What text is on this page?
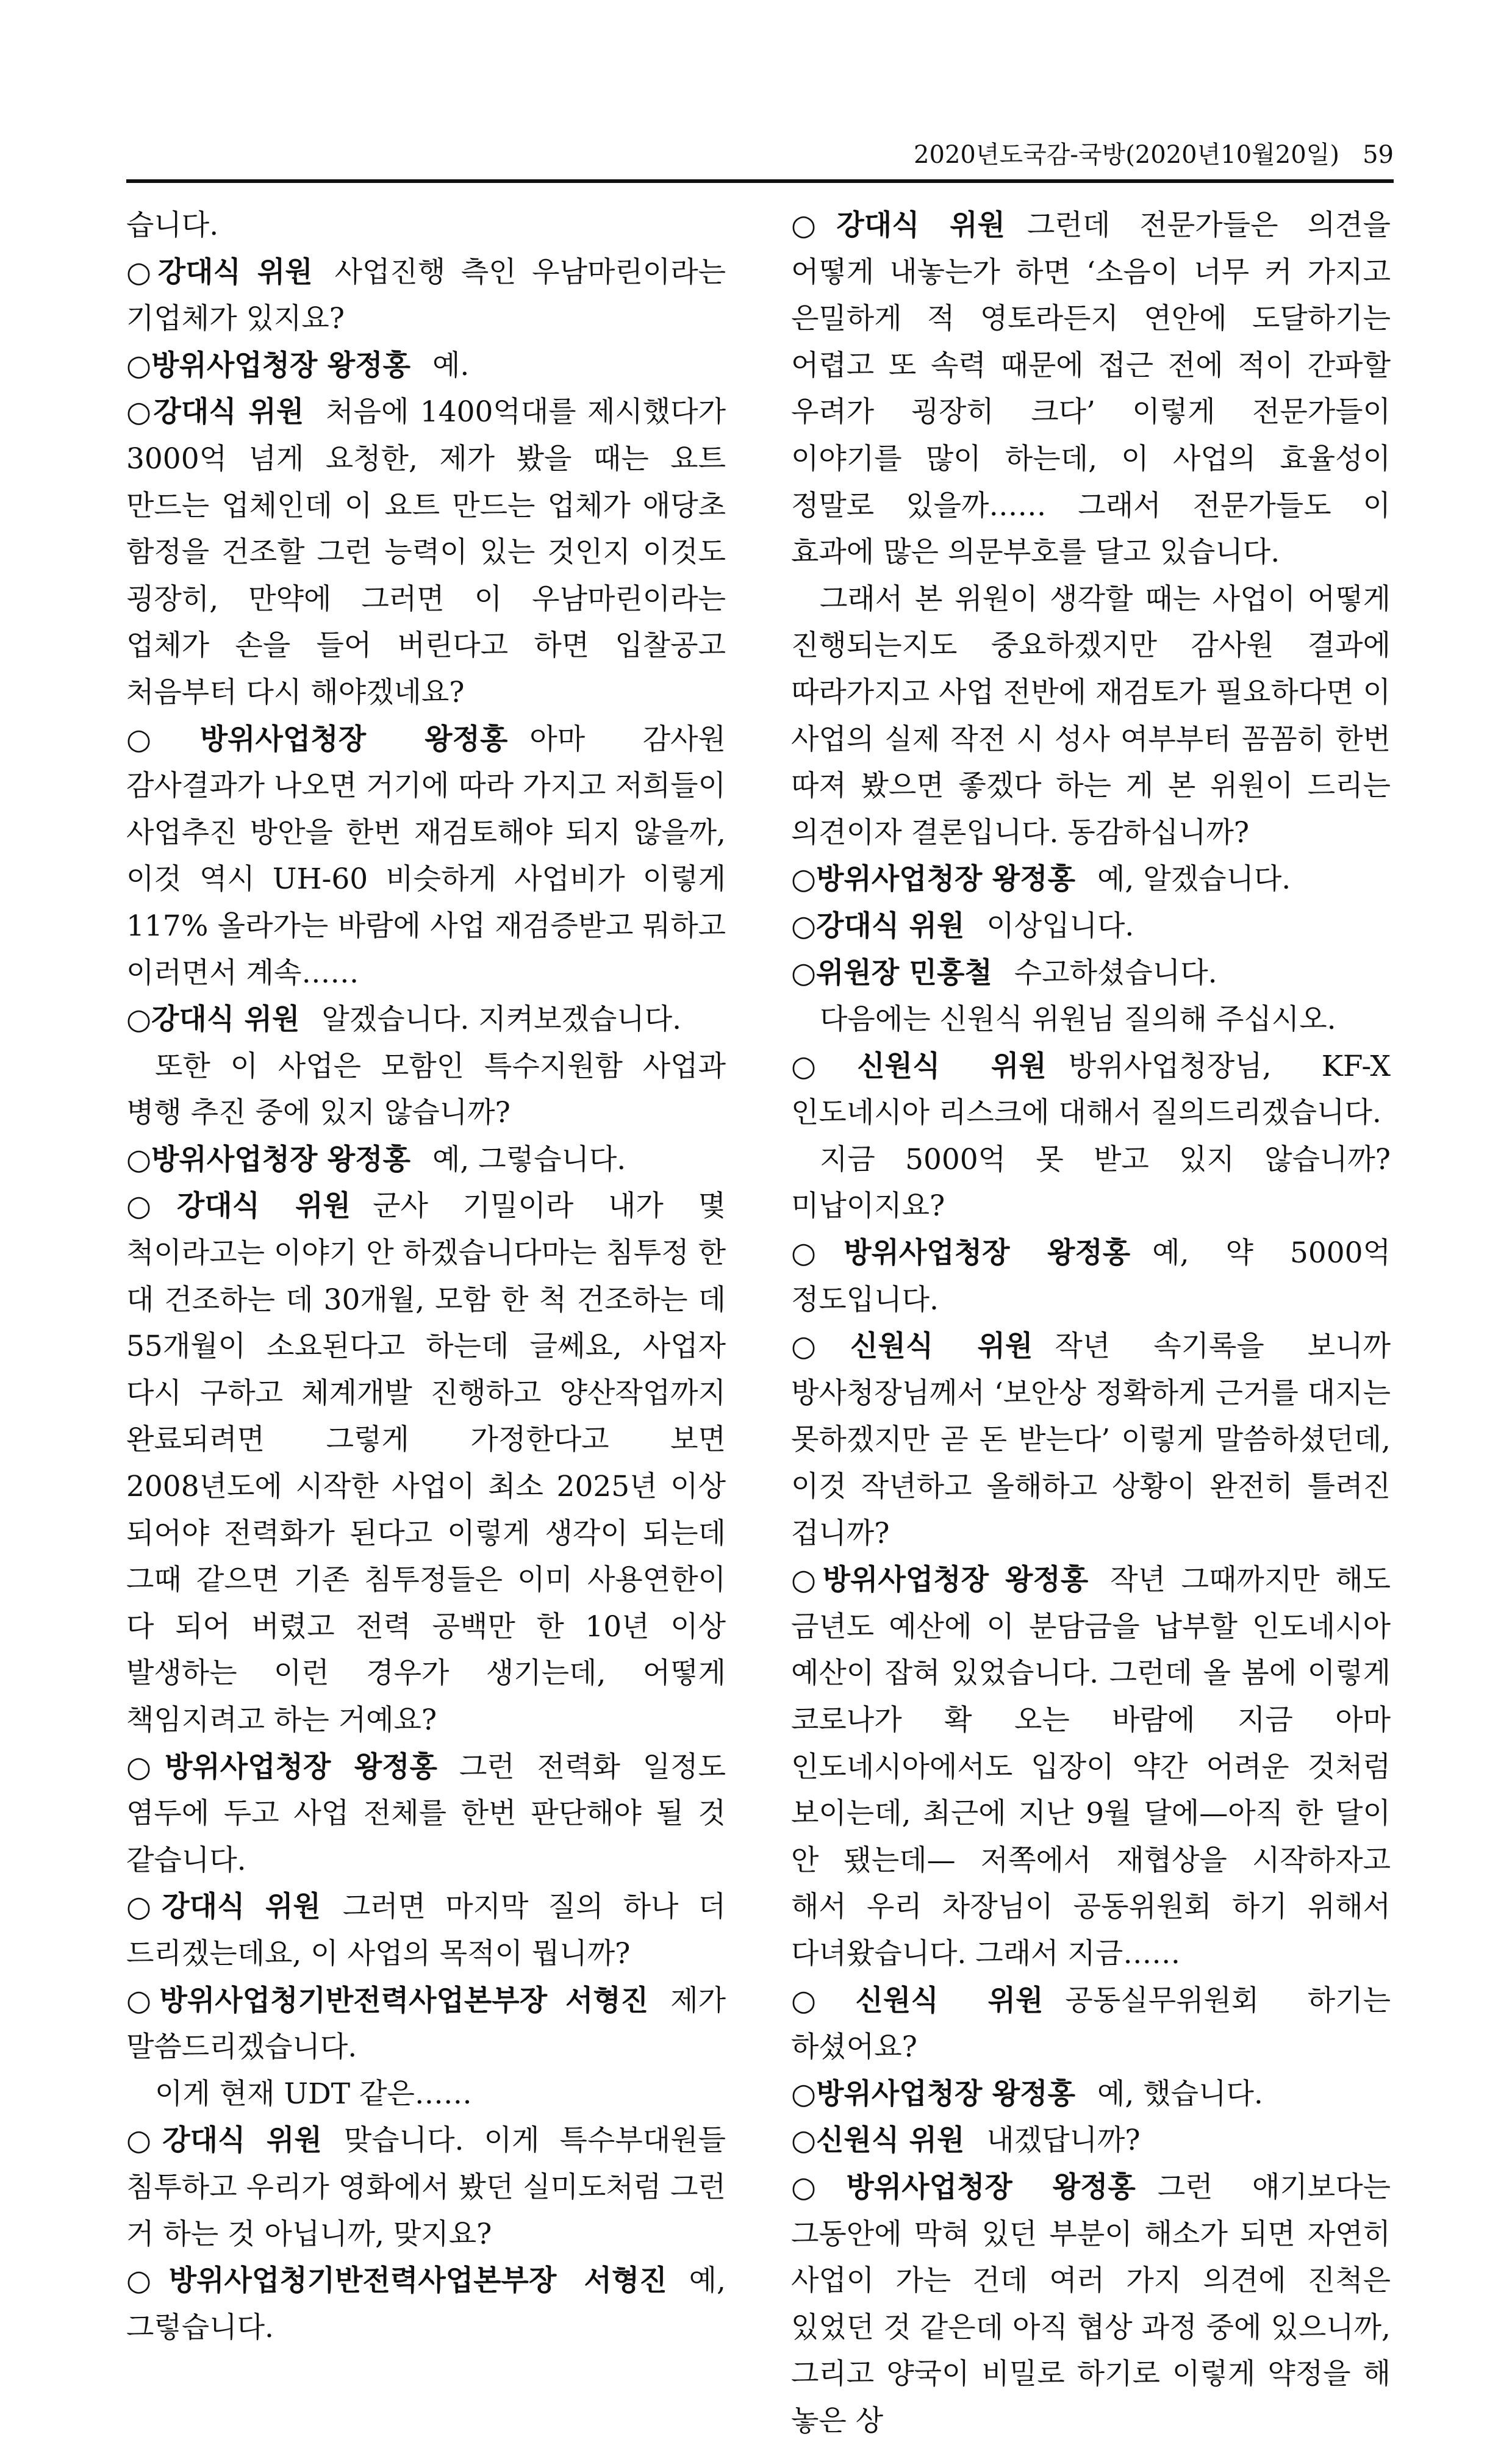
2020년도국감-국방(2020년10월20일) 59

습니다.

○강대식 위원 사업진행 측인 우남마린이라는 기업체가 있지요?

○방위사업청장 왕정홍 예.

○강대식 위원 처음에 1400억대를 제시했다가 3000억 넘게 요청한, 제가 봤을 때는 요트 만드는 업체인데 이 요트 만드는 업체가 애당초 함정을 건조할 그런 능력이 있는 것인지 이것도 굉장히, 만약에 그러면 이 우남마린이라는 업체가 손을 들어 버린다고 하면 입찰공고 처음부터 다시 해야겠네요?

○방위사업청장 왕정홍 아마 감사원 감사결과가 나오면 거기에 따라 가지고 저희들이 사업추진 방안을 한번 재검토해야 되지 않을까, 이것 역시 UH-60 비슷하게 사업비가 이렇게 117% 올라가는 바람에 사업 재검증받고 뭐하고 이러면서 계속……

○강대식 위원 알겠습니다. 지켜보겠습니다.

또한 이 사업은 모함인 특수지원함 사업과 병행 추진 중에 있지 않습니까?

○방위사업청장 왕정홍 예, 그렇습니다.

○강대식 위원 군사 기밀이라 내가 몇 척이라고는 이야기 안 하겠습니다마는 침투정 한 대 건조하는 데 30개월, 모함 한 척 건조하는 데 55개월이 소요된다고 하는데 글쎄요, 사업자 다시 구하고 체계개발 진행하고 양산작업까지 완료되려면 그렇게 가정한다고 보면 2008년도에 시작한 사업이 최소 2025년 이상 되어야 전력화가 된다고 이렇게 생각이 되는데 그때 같으면 기존 침투정들은 이미 사용연한이 다 되어 버렸고 전력 공백만 한 10년 이상 발생하는 이런 경우가 생기는데, 어떻게 책임지려고 하는 거예요?

○방위사업청장 왕정홍 그런 전력화 일정도 염두에 두고 사업 전체를 한번 판단해야 될 것 같습니다.

○강대식 위원 그러면 마지막 질의 하나 더 드리겠는데요, 이 사업의 목적이 뭡니까?

○방위사업청기반전력사업본부장 서형진 제가 말씀드리겠습니다.

이게 현재 UDT 같은……

○강대식 위원 맞습니다. 이게 특수부대원들 침투하고 우리가 영화에서 봤던 실미도처럼 그런 거 하는 것 아닙니까, 맞지요?

○방위사업청기반전력사업본부장 서형진 예, 그렇습니다.

○강대식 위원 그런데 전문가들은 의견을 어떻게 내놓는가 하면 ‘소음이 너무 커 가지고 은밀하게 적 영토라든지 연안에 도달하기는 어렵고 또 속력 때문에 접근 전에 적이 간파할 우려가 굉장히 크다’ 이렇게 전문가들이 이야기를 많이 하는데, 이 사업의 효율성이 정말로 있을까…… 그래서 전문가들도 이 효과에 많은 의문부호를 달고 있습니다.

그래서 본 위원이 생각할 때는 사업이 어떻게 진행되는지도 중요하겠지만 감사원 결과에 따라가지고 사업 전반에 재검토가 필요하다면 이 사업의 실제 작전 시 성사 여부부터 꼼꼼히 한번 따져 봤으면 좋겠다 하는 게 본 위원이 드리는 의견이자 결론입니다. 동감하십니까?

○방위사업청장 왕정홍 예, 알겠습니다.

○강대식 위원 이상입니다.

○위원장 민홍철 수고하셨습니다.

다음에는 신원식 위원님 질의해 주십시오.

○신원식 위원 방위사업청장님, KF-X 인도네시아 리스크에 대해서 질의드리겠습니다.

지금 5000억 못 받고 있지 않습니까? 미납이지요?

○방위사업청장 왕정홍 예, 약 5000억 정도입니다.

○신원식 위원 작년 속기록을 보니까 방사청장님께서 ‘보안상 정확하게 근거를 대지는 못하겠지만 곧 돈 받는다’ 이렇게 말씀하셨던데, 이것 작년하고 올해하고 상황이 완전히 틀려진 겁니까?

○방위사업청장 왕정홍 작년 그때까지만 해도 금년도 예산에 이 분담금을 납부할 인도네시아 예산이 잡혀 있었습니다. 그런데 올 봄에 이렇게 코로나가 확 오는 바람에 지금 아마 인도네시아에서도 입장이 약간 어려운 것처럼 보이는데, 최근에 지난 9월 달에—아직 한 달이 안 됐는데— 저쪽에서 재협상을 시작하자고 해서 우리 차장님이 공동위원회 하기 위해서 다녀왔습니다. 그래서 지금……

○신원식 위원 공동실무위원회 하기는 하셨어요?

○방위사업청장 왕정홍 예, 했습니다.

○신원식 위원 내겠답니까?

○방위사업청장 왕정홍 그런 얘기보다는 그동안에 막혀 있던 부분이 해소가 되면 자연히 사업이 가는 건데 여러 가지 의견에 진척은 있었던 것 같은데 아직 협상 과정 중에 있으니까, 그리고 양국이 비밀로 하기로 이렇게 약정을 해 놓은 상
